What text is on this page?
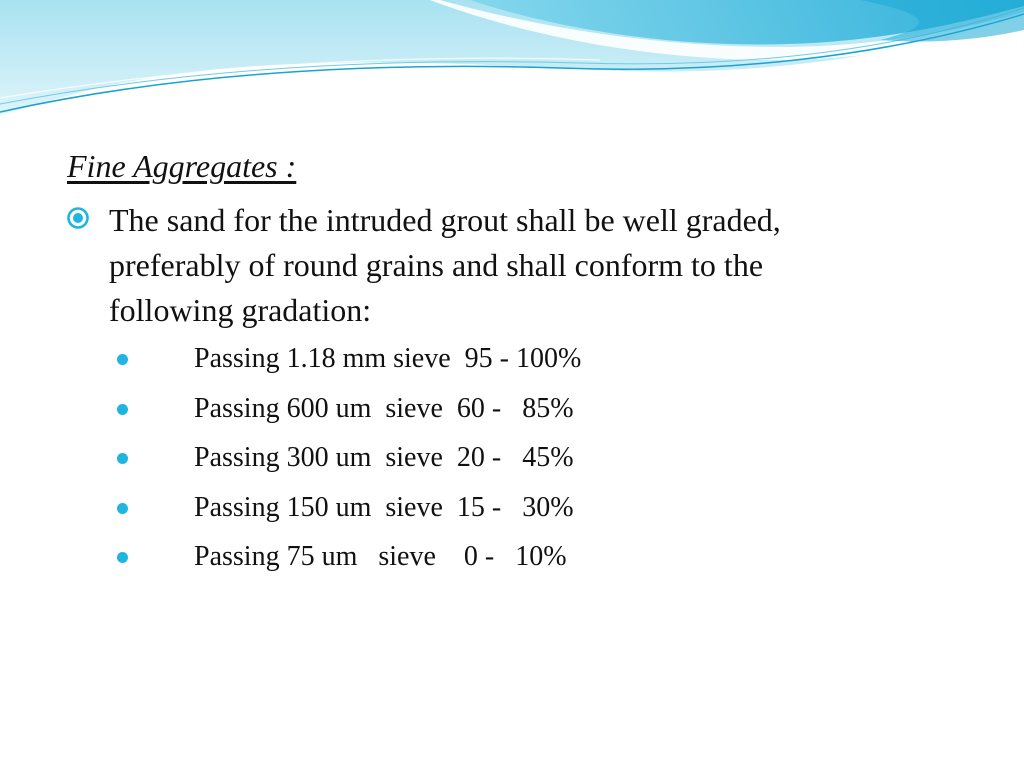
Fine Aggregates :

The sand for the intruded grout shall be well graded, preferably of round grains and shall conform to the following gradation:

Passing 1.18 mm sieve  95 - 100%

Passing 600 um  sieve  60 -   85%

Passing 300 um  sieve  20 -   45%

Passing 150 um  sieve  15 -   30%

Passing 75 um   sieve    0 -   10%
